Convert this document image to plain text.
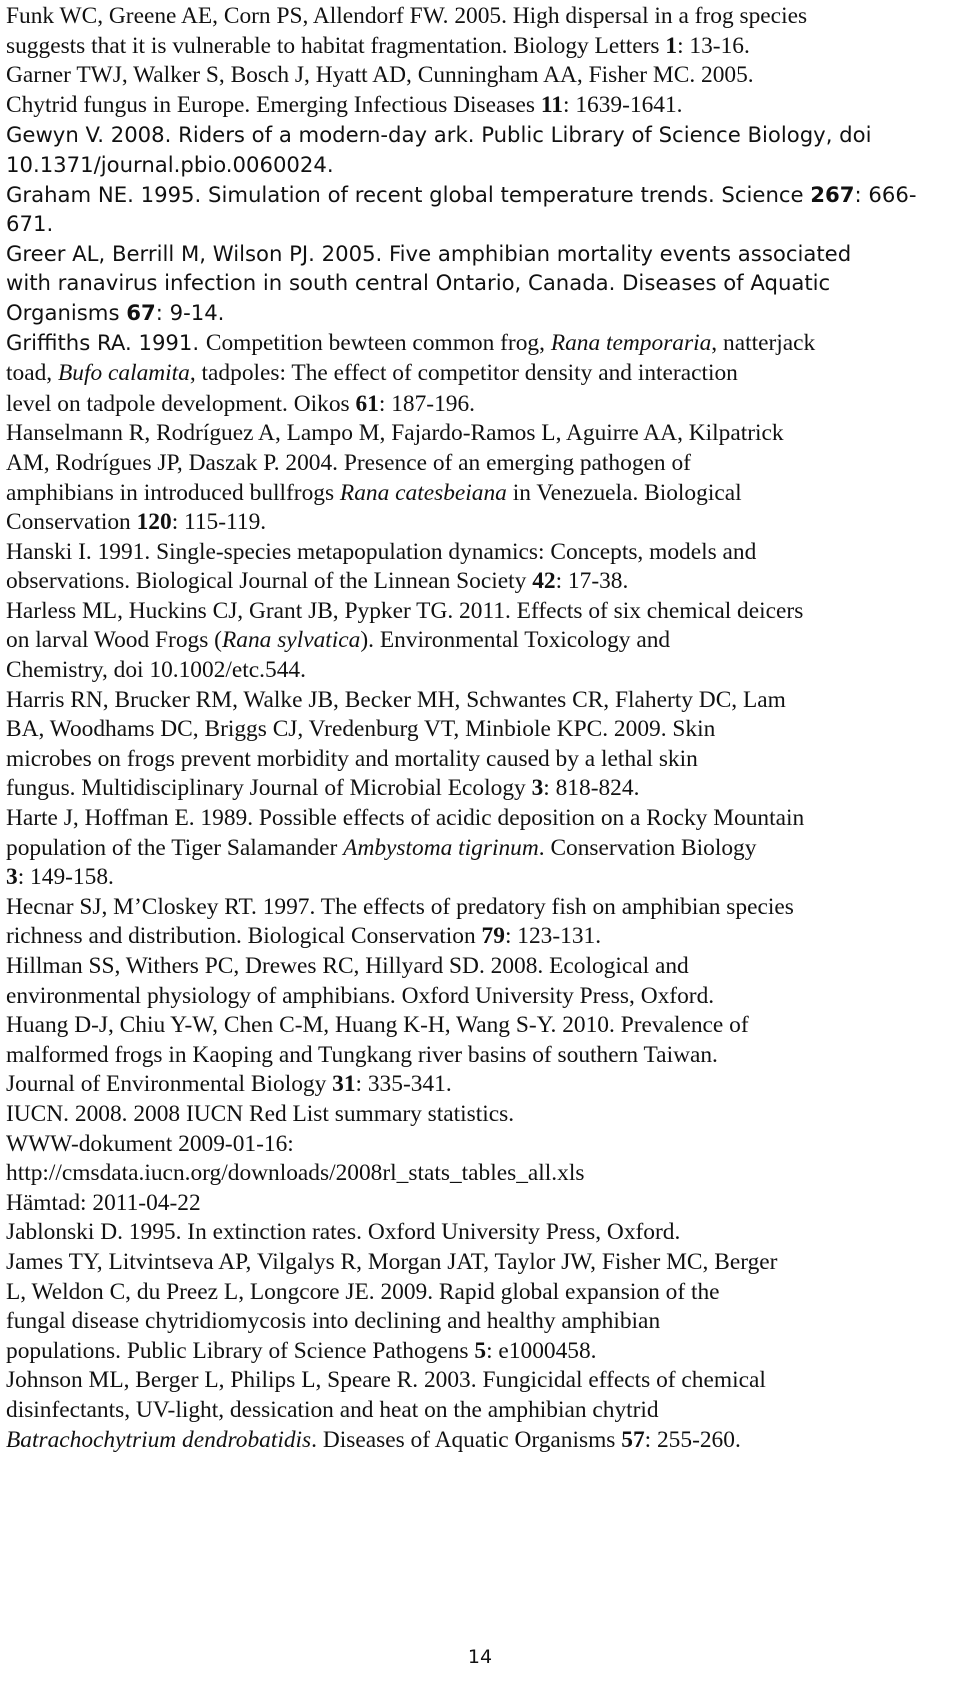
Funk WC, Greene AE, Corn PS, Allendorf FW. 2005. High dispersal in a frog species
suggests that it is vulnerable to habitat fragmentation. Biology Letters 1: 13-16.

Garner TWJ, Walker S, Bosch J, Hyatt AD, Cunningham AA, Fisher MC. 2005.
Chytrid fungus in Europe. Emerging Infectious Diseases 11: 1639-1641.

Gewyn V. 2008. Riders of a modern-day ark. Public Library of Science Biology, doi
10.1371/journal.pbio.0060024.

Graham NE. 1995. Simulation of recent global temperature trends. Science 267: 666-
671.

Greer AL, Berrill M, Wilson PJ. 2005. Five amphibian mortality events associated
with ranavirus infection in south central Ontario, Canada. Diseases of Aquatic
Organisms 67: 9-14.

Griffiths RA. 1991. Competition bewteen common frog, Rana temporaria, natterjack
toad, Bufo calamita, tadpoles: The effect of competitor density and interaction
level on tadpole development. Oikos 61: 187-196.

Hanselmann R, Rodríguez A, Lampo M, Fajardo-Ramos L, Aguirre AA, Kilpatrick
AM, Rodrígues JP, Daszak P. 2004. Presence of an emerging pathogen of
amphibians in introduced bullfrogs Rana catesbeiana in Venezuela. Biological
Conservation 120: 115-119.

Hanski I. 1991. Single-species metapopulation dynamics: Concepts, models and
observations. Biological Journal of the Linnean Society 42: 17-38.

Harless ML, Huckins CJ, Grant JB, Pypker TG. 2011. Effects of six chemical deicers
on larval Wood Frogs (Rana sylvatica). Environmental Toxicology and
Chemistry, doi 10.1002/etc.544.

Harris RN, Brucker RM, Walke JB, Becker MH, Schwantes CR, Flaherty DC, Lam
BA, Woodhams DC, Briggs CJ, Vredenburg VT, Minbiole KPC. 2009. Skin
microbes on frogs prevent morbidity and mortality caused by a lethal skin
fungus. Multidisciplinary Journal of Microbial Ecology 3: 818-824.

Harte J, Hoffman E. 1989. Possible effects of acidic deposition on a Rocky Mountain
population of the Tiger Salamander Ambystoma tigrinum. Conservation Biology
3: 149-158.

Hecnar SJ, M’Closkey RT. 1997. The effects of predatory fish on amphibian species
richness and distribution. Biological Conservation 79: 123-131.

Hillman SS, Withers PC, Drewes RC, Hillyard SD. 2008. Ecological and
environmental physiology of amphibians. Oxford University Press, Oxford.

Huang D-J, Chiu Y-W, Chen C-M, Huang K-H, Wang S-Y. 2010. Prevalence of
malformed frogs in Kaoping and Tungkang river basins of southern Taiwan.
Journal of Environmental Biology 31: 335-341.

IUCN. 2008. 2008 IUCN Red List summary statistics.
WWW-dokument 2009-01-16:
http://cmsdata.iucn.org/downloads/2008rl_stats_tables_all.xls
Hämtad: 2011-04-22

Jablonski D. 1995. In extinction rates. Oxford University Press, Oxford.

James TY, Litvintseva AP, Vilgalys R, Morgan JAT, Taylor JW, Fisher MC, Berger
L, Weldon C, du Preez L, Longcore JE. 2009. Rapid global expansion of the
fungal disease chytridiomycosis into declining and healthy amphibian
populations. Public Library of Science Pathogens 5: e1000458.

Johnson ML, Berger L, Philips L, Speare R. 2003. Fungicidal effects of chemical
disinfectants, UV-light, dessication and heat on the amphibian chytrid
Batrachochytrium dendrobatidis. Diseases of Aquatic Organisms 57: 255-260.

14
